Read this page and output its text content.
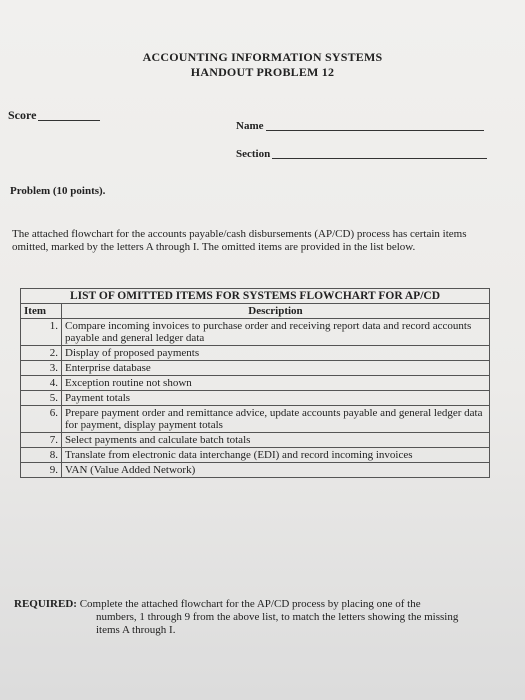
ACCOUNTING INFORMATION SYSTEMS
HANDOUT PROBLEM 12
Score
Name
Section
Problem (10 points).
The attached flowchart for the accounts payable/cash disbursements (AP/CD) process has certain items omitted, marked by the letters A through I. The omitted items are provided in the list below.
LIST OF OMITTED ITEMS FOR SYSTEMS FLOWCHART FOR AP/CD	
Item	Description
1.	Compare incoming invoices to purchase order and receiving report data and record accounts payable and general ledger data
2.	Display of proposed payments
3.	Enterprise database
4.	Exception routine not shown
5.	Payment totals
6.	Prepare payment order and remittance advice, update accounts payable and general ledger data for payment, display payment totals
7.	Select payments and calculate batch totals
8.	Translate from electronic data interchange (EDI) and record incoming invoices
9.	VAN (Value Added Network)
REQUIRED: Complete the attached flowchart for the AP/CD process by placing one of the
numbers, 1 through 9 from the above list, to match the letters showing the missing
items A through I.
